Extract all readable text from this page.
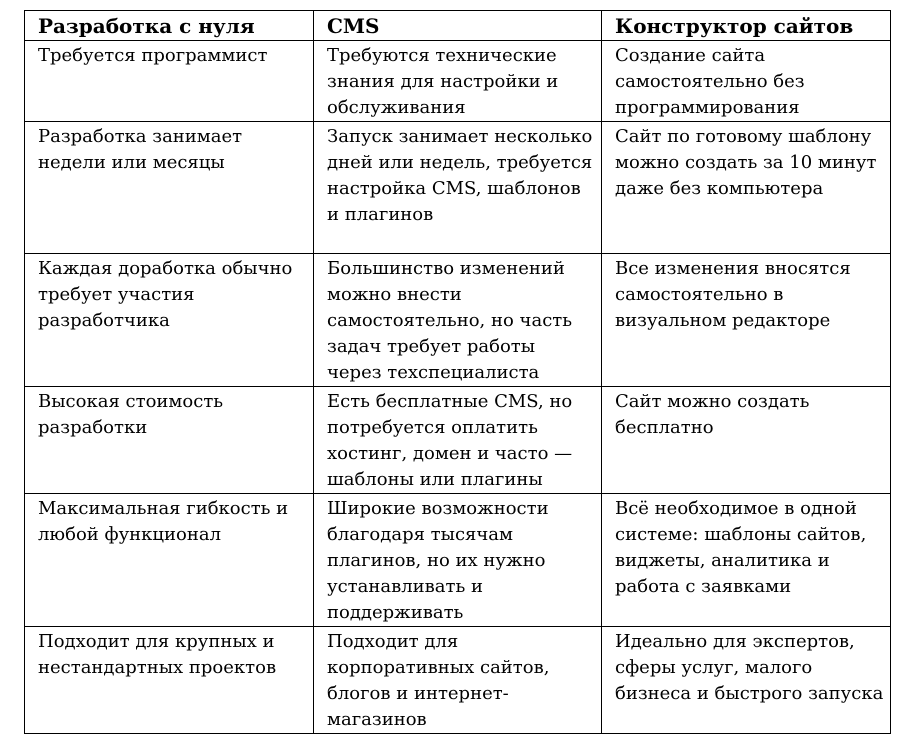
Разработка с нуля	CMS	Конструктор сайтов

Требуется программист	Требуются технические знания для настройки и обслуживания	Создание сайта самостоятельно без программирования

Разработка занимает недели или месяцы	Запуск занимает несколько дней или недель, требуется настройка CMS, шаблонов и плагинов	Сайт по готовому шаблону можно создать за 10 минут даже без компьютера

Каждая доработка обычно требует участия разработчика	Большинство изменений можно внести самостоятельно, но часть задач требует работы через техспециалиста	Все изменения вносятся самостоятельно в визуальном редакторе

Высокая стоимость разработки	Есть бесплатные CMS, но потребуется оплатить хостинг, домен и часто — шаблоны или плагины	Сайт можно создать бесплатно

Максимальная гибкость и любой функционал	Широкие возможности благодаря тысячам плагинов, но их нужно устанавливать и поддерживать	Всё необходимое в одной системе: шаблоны сайтов, виджеты, аналитика и работа с заявками

Подходит для крупных и нестандартных проектов	Подходит для корпоративных сайтов, блогов и интернет-магазинов	Идеально для экспертов, сферы услуг, малого бизнеса и быстрого запуска
